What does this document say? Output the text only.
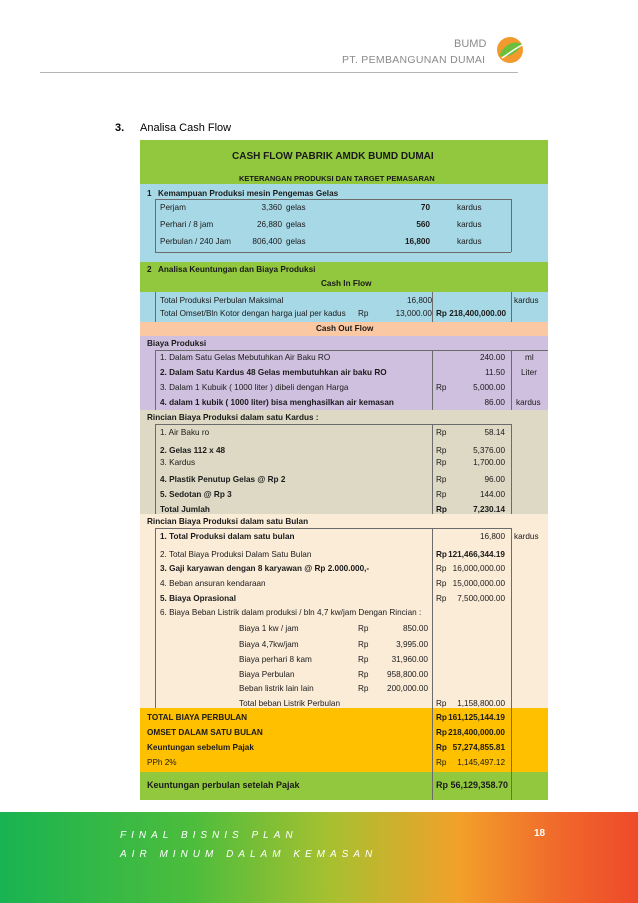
BUMD
PT. PEMBANGUNAN DUMAI
3. Analisa Cash Flow
CASH FLOW PABRIK AMDK BUMD DUMAI
KETERANGAN PRODUKSI DAN TARGET PEMASARAN
1 Kemampuan Produksi mesin Pengemas Gelas
Perjam	3,360 gelas	70	kardus
Perhari / 8 jam	26,880 gelas	560	kardus
Perbulan / 240 Jam	806,400 gelas	16,800	kardus
2 Analisa Keuntungan dan Biaya Produksi
Cash In Flow
Total Produksi Perbulan Maksimal	16,800	kardus
Total Omset/Bln Kotor dengan harga jual per kadus Rp	13,000.00 Rp 218,400,000.00
Cash Out Flow
Biaya Produksi
1. Dalam Satu Gelas Mebutuhkan Air Baku RO	240.00 ml
2. Dalam Satu Kardus 48 Gelas membutuhkan air baku RO	11.50 Liter
3. Dalam 1 Kubuik ( 1000 liter ) dibeli dengan Harga	Rp	5,000.00
4. dalam 1 kubik ( 1000 liter) bisa menghasilkan air kemasan	86.00 kardus
Rincian Biaya Produksi dalam satu Kardus :
1. Air Baku ro	Rp	58.14
2. Gelas 112 x 48	Rp	5,376.00
3. Kardus	Rp	1,700.00
4. Plastik Penutup Gelas @ Rp 2	Rp	96.00
5. Sedotan @ Rp 3	Rp	144.00
Total Jumlah	Rp	7,230.14
Rincian Biaya Produksi dalam satu Bulan
1. Total Produksi dalam satu bulan	16,800 kardus
2. Total Biaya Produksi Dalam Satu Bulan	Rp 121,466,344.19
3. Gaji karyawan dengan 8 karyawan @ Rp 2.000.000,-	Rp 16,000,000.00
4. Beban ansuran kendaraan	Rp 15,000,000.00
5. Biaya Oprasional	Rp	7,500,000.00
6. Biaya Beban Listrik dalam produksi / bln 4,7 kw/jam Dengan Rincian :
Biaya 1 kw / jam	Rp	850.00
Biaya 4,7kw/jam	Rp	3,995.00
Biaya perhari 8 kam	Rp	31,960.00
Biaya Perbulan	Rp	958,800.00
Beban listrik lain lain	Rp	200,000.00
Total beban Listrik Perbulan	Rp	1,158,800.00
TOTAL BIAYA PERBULAN	Rp 161,125,144.19
OMSET DALAM SATU BULAN	Rp 218,400,000.00
Keuntungan sebelum Pajak	Rp 57,274,855.81
PPh 2%	Rp	1,145,497.12
Keuntungan perbulan setelah Pajak	Rp 56,129,358.70
FINAL BISNIS PLAN
AIR MINUM DALAM KEMASAN
18
